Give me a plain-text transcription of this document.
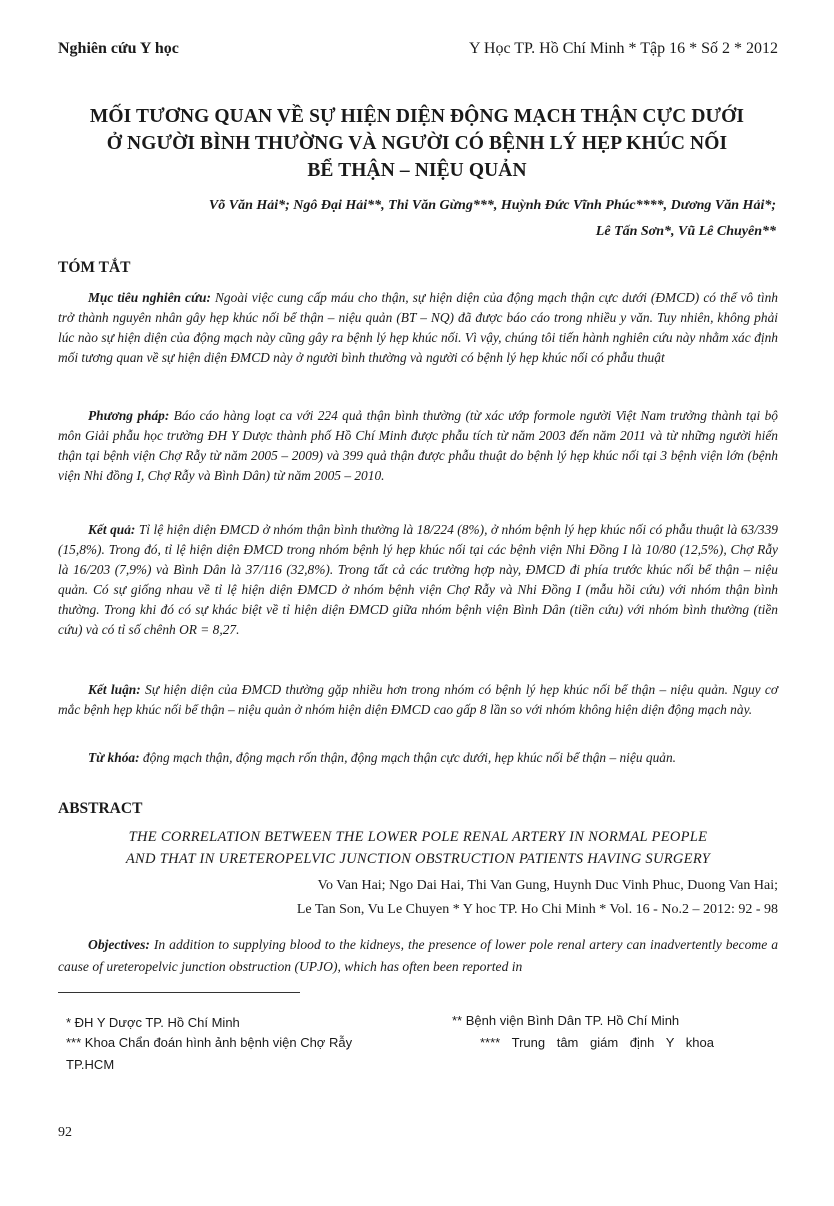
Nghiên cứu Y học	Y Học TP. Hồ Chí Minh * Tập 16 * Số 2 * 2012
MỐI TƯƠNG QUAN VỀ SỰ HIỆN DIỆN ĐỘNG MẠCH THẬN CỰC DƯỚI
Ở NGƯỜI BÌNH THƯỜNG VÀ NGƯỜI CÓ BỆNH LÝ HẸP KHÚC NỐI
BỂ THẬN – NIỆU QUẢN
Võ Văn Hải*; Ngô Đại Hải**, Thi Văn Gừng***, Huỳnh Đức Vĩnh Phúc****, Dương Văn Hải*;
Lê Tấn Sơn*, Vũ Lê Chuyên**
TÓM TẮT
Mục tiêu nghiên cứu: Ngoài việc cung cấp máu cho thận, sự hiện diện của động mạch thận cực dưới (ĐMCD) có thể vô tình trở thành nguyên nhân gây hẹp khúc nối bể thận – niệu quản (BT – NQ) đã được báo cáo trong nhiều y văn. Tuy nhiên, không phải lúc nào sự hiện diện của động mạch này cũng gây ra bệnh lý hẹp khúc nối. Vì vậy, chúng tôi tiến hành nghiên cứu này nhằm xác định mối tương quan về sự hiện diện ĐMCD này ở người bình thường và người có bệnh lý hẹp khúc nối có phẫu thuật
Phương pháp: Báo cáo hàng loạt ca với 224 quả thận bình thường (từ xác ướp formole người Việt Nam trưởng thành tại bộ môn Giải phẫu học trường ĐH Y Dược thành phố Hồ Chí Minh được phẫu tích từ năm 2003 đến năm 2011 và từ những người hiến thận tại bệnh viện Chợ Rẫy từ năm 2005 – 2009) và 399 quả thận được phẫu thuật do bệnh lý hẹp khúc nối tại 3 bệnh viện lớn (bệnh viện Nhi đồng I, Chợ Rẫy và Bình Dân) từ năm 2005 – 2010.
Kết quả: Tỉ lệ hiện diện ĐMCD ở nhóm thận bình thường là 18/224 (8%), ở nhóm bệnh lý hẹp khúc nối có phẫu thuật là 63/339 (15,8%). Trong đó, tỉ lệ hiện diện ĐMCD trong nhóm bệnh lý hẹp khúc nối tại các bệnh viện Nhi Đồng I là 10/80 (12,5%), Chợ Rẫy là 16/203 (7,9%) và Bình Dân là 37/116 (32,8%). Trong tất cả các trường hợp này, ĐMCD đi phía trước khúc nối bể thận – niệu quản. Có sự giống nhau về tỉ lệ hiện diện ĐMCD ở nhóm bệnh viện Chợ Rẫy và Nhi Đồng I (mẫu hồi cứu) với nhóm thận bình thường. Trong khi đó có sự khác biệt về tỉ hiện diện ĐMCD giữa nhóm bệnh viện Bình Dân (tiền cứu) với nhóm bình thường (tiền cứu) và có tỉ số chênh OR = 8,27.
Kết luận: Sự hiện diện của ĐMCD thường gặp nhiều hơn trong nhóm có bệnh lý hẹp khúc nối bể thận – niệu quản. Nguy cơ mắc bệnh hẹp khúc nối bể thận – niệu quản ở nhóm hiện diện ĐMCD cao gấp 8 lần so với nhóm không hiện diện động mạch này.
Từ khóa: động mạch thận, động mạch rốn thận, động mạch thận cực dưới, hẹp khúc nối bể thận – niệu quản.
ABSTRACT
THE CORRELATION BETWEEN THE LOWER POLE RENAL ARTERY IN NORMAL PEOPLE
AND THAT IN URETEROPELVIC JUNCTION OBSTRUCTION PATIENTS HAVING SURGERY
Vo Van Hai; Ngo Dai Hai, Thi Van Gung, Huynh Duc Vinh Phuc, Duong Van Hai;
Le Tan Son, Vu Le Chuyen * Y hoc TP. Ho Chi Minh * Vol. 16 - No.2 – 2012: 92 - 98
Objectives: In addition to supplying blood to the kidneys, the presence of lower pole renal artery can inadvertently become a cause of ureteropelvic junction obstruction (UPJO), which has often been reported in
* ĐH Y Dược TP. Hồ Chí Minh	** Bệnh viện Bình Dân TP. Hồ Chí Minh
*** Khoa Chẩn đoán hình ảnh bệnh viện Chợ Rẫy
TP.HCM
**** Trung tâm giám định Y khoa
92
